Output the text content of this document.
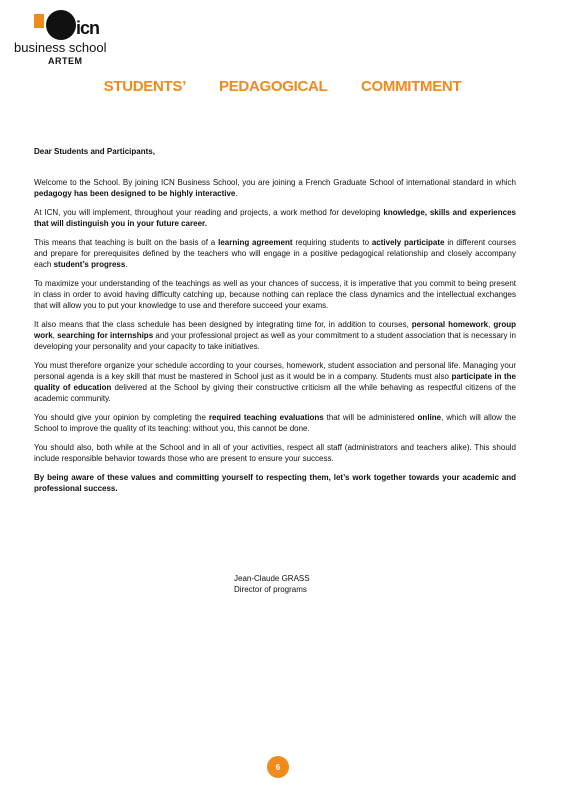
icn
business school
ARTEM
STUDENTS’ PEDAGOGICAL COMMITMENT

Dear Students and Participants,

Welcome to the School. By joining ICN Business School, you are joining a French Graduate School of international standard in which pedagogy has been designed to be highly interactive.

At ICN, you will implement, throughout your reading and projects, a work method for developing knowledge, skills and experiences that will distinguish you in your future career.

This means that teaching is built on the basis of a learning agreement requiring students to actively participate in different courses and prepare for prerequisites defined by the teachers who will engage in a positive pedagogical relationship and closely accompany each student’s progress.

To maximize your understanding of the teachings as well as your chances of success, it is imperative that you commit to being present in class in order to avoid having difficulty catching up, because nothing can replace the class dynamics and the intellectual exchanges that will allow you to put your knowledge to use and therefore succeed your exams.

It also means that the class schedule has been designed by integrating time for, in addition to courses, personal homework, group work, searching for internships and your professional project as well as your commitment to a student association that is necessary in developing your personality and your capacity to take initiatives.

You must therefore organize your schedule according to your courses, homework, student association and personal life. Managing your personal agenda is a key skill that must be mastered in School just as it would be in a company. Students must also participate in the quality of education delivered at the School by giving their constructive criticism all the while behaving as respectful citizens of the academic community.

You should give your opinion by completing the required teaching evaluations that will be administered online, which will allow the School to improve the quality of its teaching: without you, this cannot be done.

You should also, both while at the School and in all of your activities, respect all staff (administrators and teachers alike). This should include responsible behavior towards those who are present to ensure your success.

By being aware of these values and committing yourself to respecting them, let’s work together towards your academic and professional success.

Jean-Claude GRASS
Director of programs
6
